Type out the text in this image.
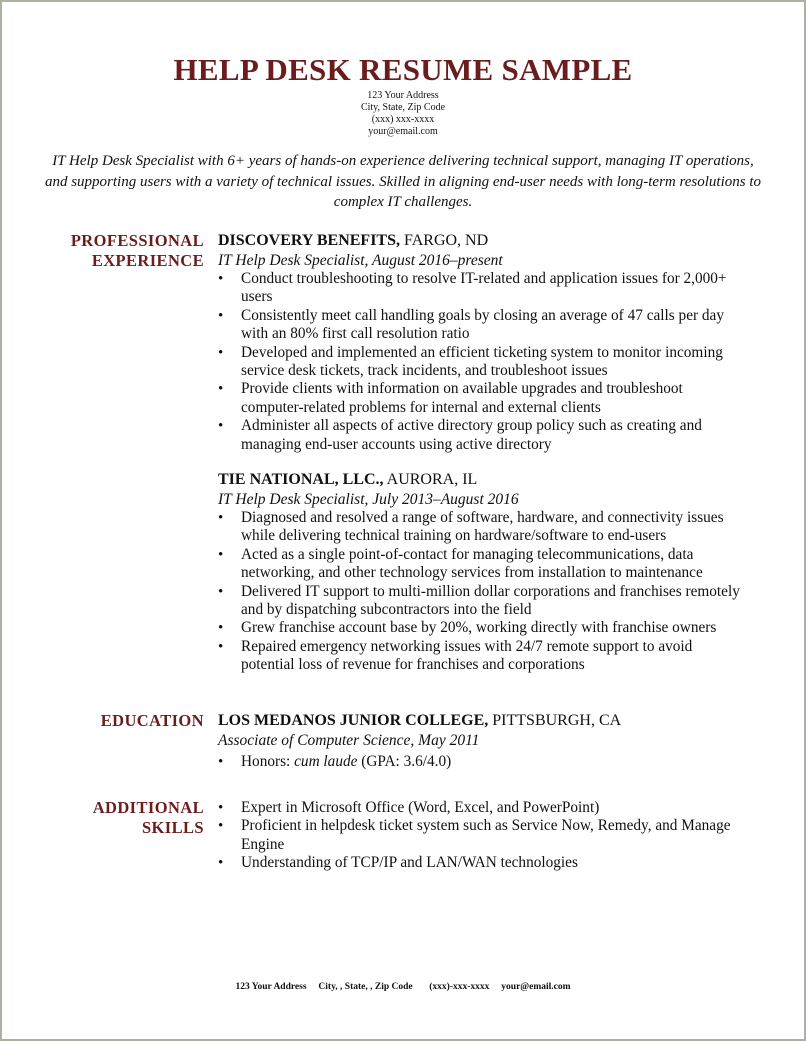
HELP DESK RESUME SAMPLE
123 Your Address
City, State, Zip Code
(xxx) xxx-xxxx
your@email.com
IT Help Desk Specialist with 6+ years of hands-on experience delivering technical support, managing IT operations, and supporting users with a variety of technical issues. Skilled in aligning end-user needs with long-term resolutions to complex IT challenges.
PROFESSIONAL
EXPERIENCE
DISCOVERY BENEFITS, FARGO, ND
IT Help Desk Specialist, August 2016–present
• Conduct troubleshooting to resolve IT-related and application issues for 2,000+ users
• Consistently meet call handling goals by closing an average of 47 calls per day with an 80% first call resolution ratio
• Developed and implemented an efficient ticketing system to monitor incoming service desk tickets, track incidents, and troubleshoot issues
• Provide clients with information on available upgrades and troubleshoot computer-related problems for internal and external clients
• Administer all aspects of active directory group policy such as creating and managing end-user accounts using active directory
TIE NATIONAL, LLC., AURORA, IL
IT Help Desk Specialist, July 2013–August 2016
• Diagnosed and resolved a range of software, hardware, and connectivity issues while delivering technical training on hardware/software to end-users
• Acted as a single point-of-contact for managing telecommunications, data networking, and other technology services from installation to maintenance
• Delivered IT support to multi-million dollar corporations and franchises remotely and by dispatching subcontractors into the field
• Grew franchise account base by 20%, working directly with franchise owners
• Repaired emergency networking issues with 24/7 remote support to avoid potential loss of revenue for franchises and corporations
EDUCATION LOS MEDANOS JUNIOR COLLEGE, PITTSBURGH, CA
Associate of Computer Science, May 2011
• Honors: cum laude (GPA: 3.6/4.0)
ADDITIONAL
SKILLS
• Expert in Microsoft Office (Word, Excel, and PowerPoint)
• Proficient in helpdesk ticket system such as Service Now, Remedy, and Manage Engine
• Understanding of TCP/IP and LAN/WAN technologies
123 Your Address City, , State, , Zip Code (xxx)-xxx-xxxx your@email.com
